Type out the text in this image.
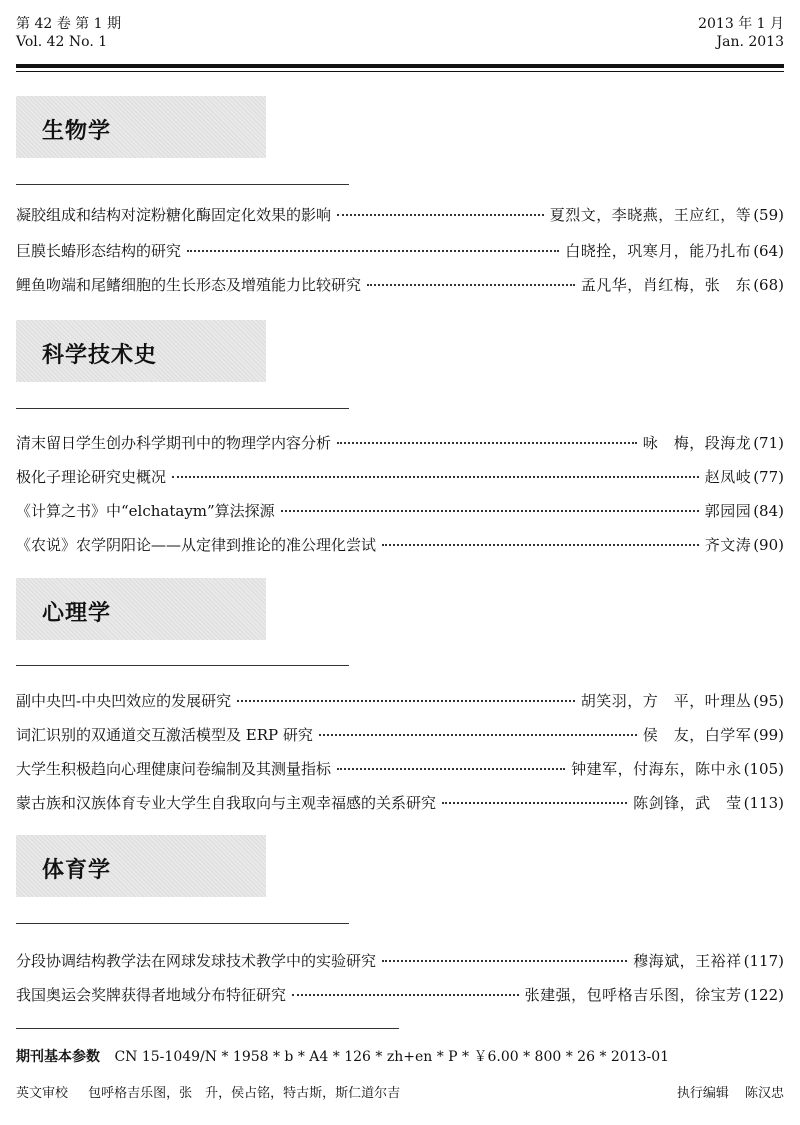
第 42 卷 第 1 期
Vol. 42 No. 1
2013 年 1 月
Jan. 2013
生物学
凝胶组成和结构对淀粉糖化酶固定化效果的影响	夏烈文，李晓燕，王应红，等 (59)
巨膜长蝽形态结构的研究	白晓拴，巩寒月，能乃扎布 (64)
鲤鱼吻端和尾鳍细胞的生长形态及增殖能力比较研究	孟凡华，肖红梅，张　东 (68)
科学技术史
清末留日学生创办科学期刊中的物理学内容分析	咏　梅，段海龙 (71)
极化子理论研究史概况	赵凤岐 (77)
《计算之书》中“elchataym”算法探源	郭园园 (84)
《农说》农学阴阳论——从定律到推论的准公理化尝试	齐文涛 (90)
心理学
副中央凹-中央凹效应的发展研究	胡笑羽，方　平，叶理丛 (95)
词汇识别的双通道交互激活模型及 ERP 研究	侯　友，白学军 (99)
大学生积极趋向心理健康问卷编制及其测量指标	钟建军，付海东，陈中永 (105)
蒙古族和汉族体育专业大学生自我取向与主观幸福感的关系研究	陈剑锋，武　莹 (113)
体育学
分段协调结构教学法在网球发球技术教学中的实验研究	穆海斌，王裕祥 (117)
我国奥运会奖牌获得者地域分布特征研究	张建强，包呼格吉乐图，徐宝芳 (122)
期刊基本参数 CN 15-1049/N * 1958 * b * A4 * 126 * zh+en * P * ￥6.00 * 800 * 26 * 2013-01
英文审校 包呼格吉乐图，张　升，侯占铭，特古斯，斯仁道尔吉	执行编辑 陈汉忠
